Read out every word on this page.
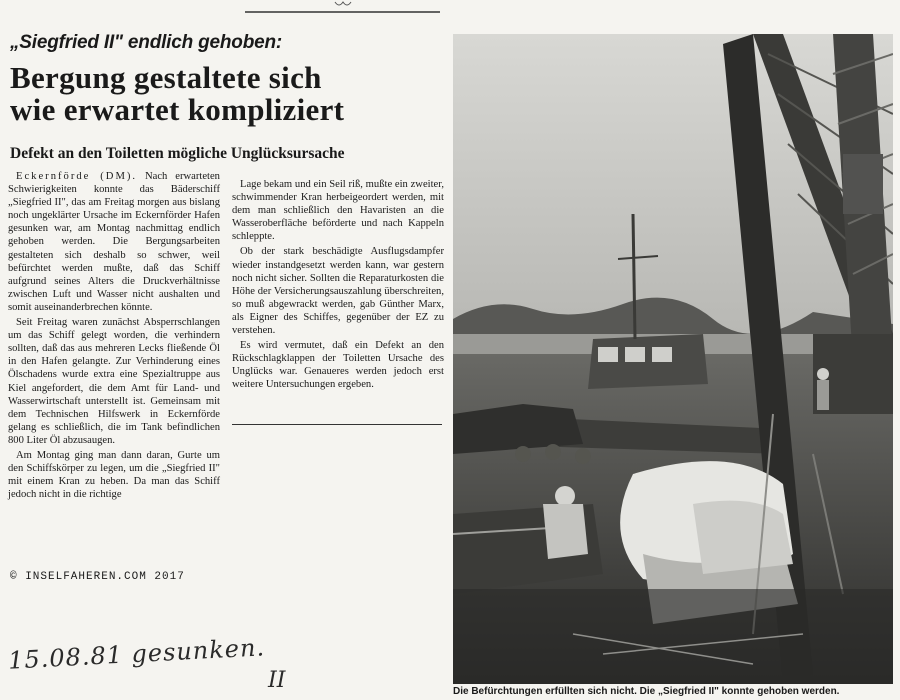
„Siegfried II" endlich gehoben:
Bergung gestaltete sich
wie erwartet kompliziert
Defekt an den Toiletten mögliche Unglücksursache

Eckernförde (DM). Nach erwarteten Schwierigkeiten konnte das Bäderschiff „Siegfried II", das am Freitag morgen aus bislang noch ungeklärter Ursache im Eckernförder Hafen gesunken war, am Montag nachmittag endlich gehoben werden. Die Bergungsarbeiten gestalteten sich deshalb so schwer, weil befürchtet werden mußte, daß das Schiff aufgrund seines Alters die Druckverhältnisse zwischen Luft und Wasser nicht aushalten und somit auseinanderbrechen könnte.

Seit Freitag waren zunächst Absperrschlangen um das Schiff gelegt worden, die verhindern sollten, daß das aus mehreren Lecks fließende Öl in den Hafen gelangte. Zur Verhinderung eines Ölschadens wurde extra eine Spezialtruppe aus Kiel angefordert, die dem Amt für Land- und Wasserwirtschaft unterstellt ist. Gemeinsam mit dem Technischen Hilfswerk in Eckernförde gelang es schließlich, die im Tank befindlichen 800 Liter Öl abzusaugen.

Am Montag ging man dann daran, Gurte um den Schiffskörper zu legen, um die „Siegfried II" mit einem Kran zu heben. Da man das Schiff jedoch nicht in die richtige

Lage bekam und ein Seil riß, mußte ein zweiter, schwimmender Kran herbeigeordert werden, mit dem man schließlich den Havaristen an die Wasseroberfläche beförderte und nach Kappeln schleppte.

Ob der stark beschädigte Ausflugsdampfer wieder instandgesetzt werden kann, war gestern noch nicht sicher. Sollten die Reparaturkosten die Höhe der Versicherungsauszahlung überschreiten, so muß abgewrackt werden, gab Günther Marx, als Eigner des Schiffes, gegenüber der EZ zu verstehen.

Es wird vermutet, daß ein Defekt an den Rückschlagklappen der Toiletten Ursache des Unglücks war. Genaueres werden jedoch erst weitere Untersuchungen ergeben.

© INSELFAHEREN.COM 2017
15.08.81 gesunken.
II	Die Befürchtungen erfüllten sich nicht. Die „Siegfried II" konnte gehoben werden.
